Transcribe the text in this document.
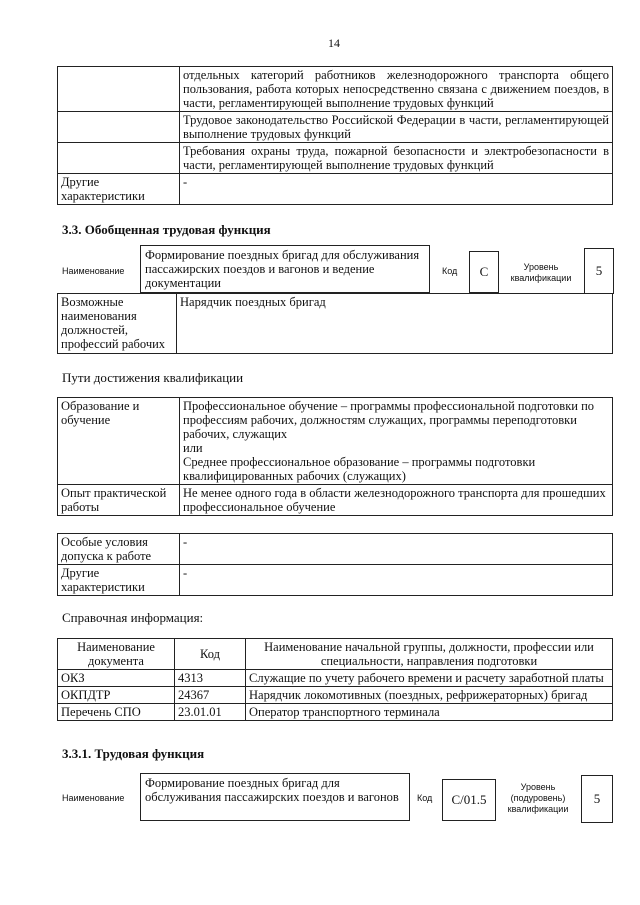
14
	отдельных категорий работников железнодорожного транспорта общего пользования, работа которых непосредственно связана с движением поездов, в части, регламентирующей выполнение трудовых функций
	Трудовое законодательство Российской Федерации в части, регламентирующей выполнение трудовых функций
	Требования охраны труда, пожарной безопасности и электробезопасности в части, регламентирующей выполнение трудовых функций
Другие характеристики	-
3.3. Обобщенная трудовая функция
Наименование
Формирование поездных бригад для обслуживания пассажирских поездов и вагонов и ведение документации
Код	C	Уровень квалификации	5
Возможные наименования должностей, профессий рабочих	Нарядчик поездных бригад
Пути достижения квалификации
Образование и обучение	Профессиональное обучение – программы профессиональной подготовки по профессиям рабочих, должностям служащих, программы переподготовки рабочих, служащих
или
Среднее профессиональное образование – программы подготовки квалифицированных рабочих (служащих)

Опыт практической работы	Не менее одного года в области железнодорожного транспорта для прошедших профессиональное обучение
Особые условия допуска к работе	-
Другие характеристики	-
Справочная информация:
Наименование документа	Код	Наименование начальной группы, должности, профессии или специальности, направления подготовки
ОКЗ	4313	Служащие по учету рабочего времени и расчету заработной платы
ОКПДТР	24367	Нарядчик локомотивных (поездных, рефрижераторных) бригад
Перечень СПО	23.01.01	Оператор транспортного терминала
3.3.1. Трудовая функция
Наименование
Формирование поездных бригад для обслуживания пассажирских поездов и вагонов	Код	C/01.5
Уровень (подуровень) квалификации
5
